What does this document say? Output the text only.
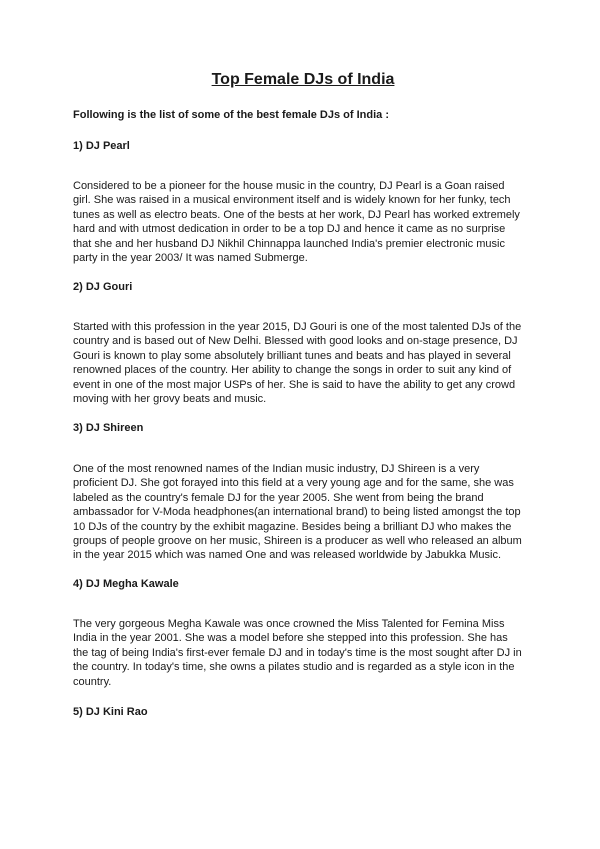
Top Female DJs of India

Following is the list of some of the best female DJs of India :

1) DJ Pearl

Considered to be a pioneer for the house music in the country, DJ Pearl is a Goan raised
girl. She was raised in a musical environment itself and is widely known for her funky, tech
tunes as well as electro beats. One of the bests at her work, DJ Pearl has worked extremely
hard and with utmost dedication in order to be a top DJ and hence it came as no surprise
that she and her husband DJ Nikhil Chinnappa launched India's premier electronic music
party in the year 2003/ It was named Submerge.

2) DJ Gouri

Started with this profession in the year 2015, DJ Gouri is one of the most talented DJs of the
country and is based out of New Delhi. Blessed with good looks and on-stage presence, DJ
Gouri is known to play some absolutely brilliant tunes and beats and has played in several
renowned places of the country. Her ability to change the songs in order to suit any kind of
event in one of the most major USPs of her. She is said to have the ability to get any crowd
moving with her grovy beats and music.

3) DJ Shireen

One of the most renowned names of the Indian music industry, DJ Shireen is a very
proficient DJ. She got forayed into this field at a very young age and for the same, she was
labeled as the country's female DJ for the year 2005. She went from being the brand
ambassador for V-Moda headphones(an international brand) to being listed amongst the top
10 DJs of the country by the exhibit magazine. Besides being a brilliant DJ who makes the
groups of people groove on her music, Shireen is a producer as well who released an album
in the year 2015 which was named One and was released worldwide by Jabukka Music.

4) DJ Megha Kawale

The very gorgeous Megha Kawale was once crowned the Miss Talented for Femina Miss
India in the year 2001. She was a model before she stepped into this profession. She has
the tag of being India's first-ever female DJ and in today's time is the most sought after DJ in
the country. In today's time, she owns a pilates studio and is regarded as a style icon in the
country.

5) DJ Kini Rao
